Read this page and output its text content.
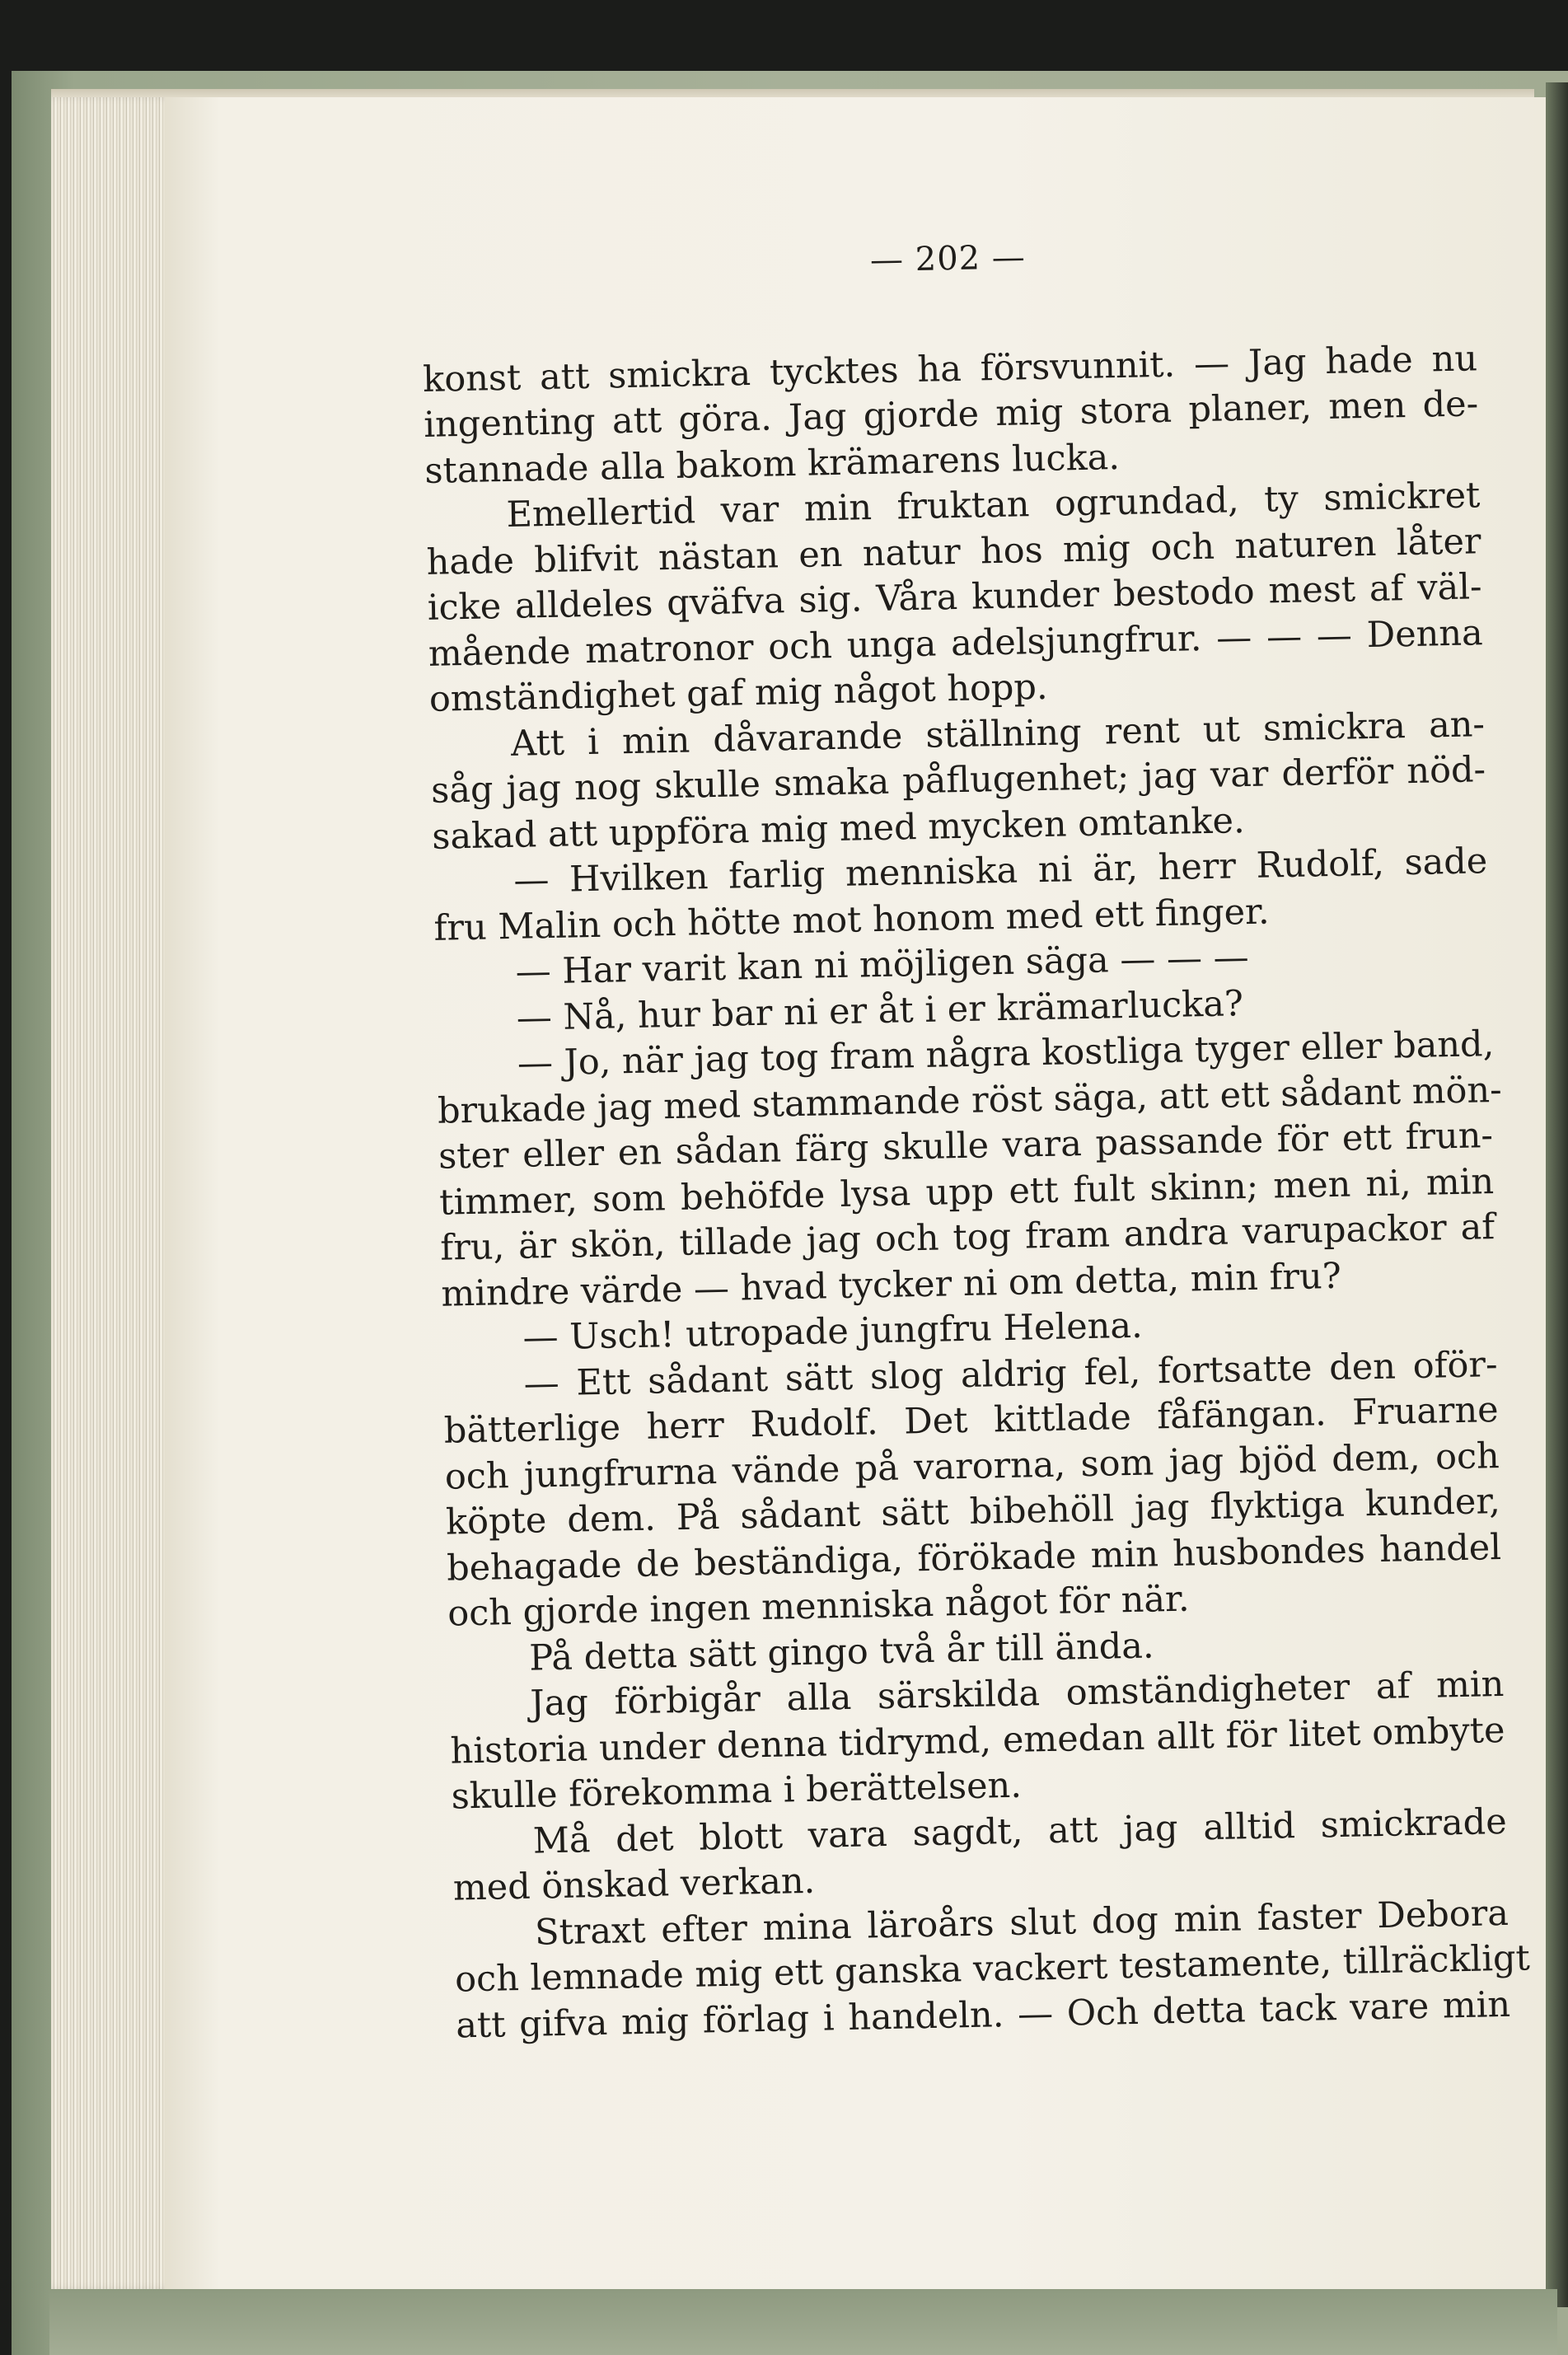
— 202 —
konst att smickra tycktes ha försvunnit. — Jag hade nu
ingenting att göra. Jag gjorde mig stora planer, men de-
stannade alla bakom krämarens lucka.
Emellertid var min fruktan ogrundad, ty smickret
hade blifvit nästan en natur hos mig och naturen låter
icke alldeles qväfva sig. Våra kunder bestodo mest af väl-
mående matronor och unga adelsjungfrur. — — — Denna
omständighet gaf mig något hopp.
Att i min dåvarande ställning rent ut smickra an-
såg jag nog skulle smaka påflugenhet; jag var derför nöd-
sakad att uppföra mig med mycken omtanke.
— Hvilken farlig menniska ni är, herr Rudolf, sade
fru Malin och hötte mot honom med ett finger.
— Har varit kan ni möjligen säga — — —
— Nå, hur bar ni er åt i er krämarlucka?
— Jo, när jag tog fram några kostliga tyger eller band,
brukade jag med stammande röst säga, att ett sådant mön-
ster eller en sådan färg skulle vara passande för ett frun-
timmer, som behöfde lysa upp ett fult skinn; men ni, min
fru, är skön, tillade jag och tog fram andra varupackor af
mindre värde — hvad tycker ni om detta, min fru?
— Usch! utropade jungfru Helena.
— Ett sådant sätt slog aldrig fel, fortsatte den oför-
bätterlige herr Rudolf. Det kittlade fåfängan. Fruarne
och jungfrurna vände på varorna, som jag bjöd dem, och
köpte dem. På sådant sätt bibehöll jag flyktiga kunder,
behagade de beständiga, förökade min husbondes handel
och gjorde ingen menniska något för när.
På detta sätt gingo två år till ända.
Jag förbigår alla särskilda omständigheter af min
historia under denna tidrymd, emedan allt för litet ombyte
skulle förekomma i berättelsen.
Må det blott vara sagdt, att jag alltid smickrade
med önskad verkan.
Straxt efter mina läroårs slut dog min faster Debora
och lemnade mig ett ganska vackert testamente, tillräckligt
att gifva mig förlag i handeln. — Och detta tack vare min
